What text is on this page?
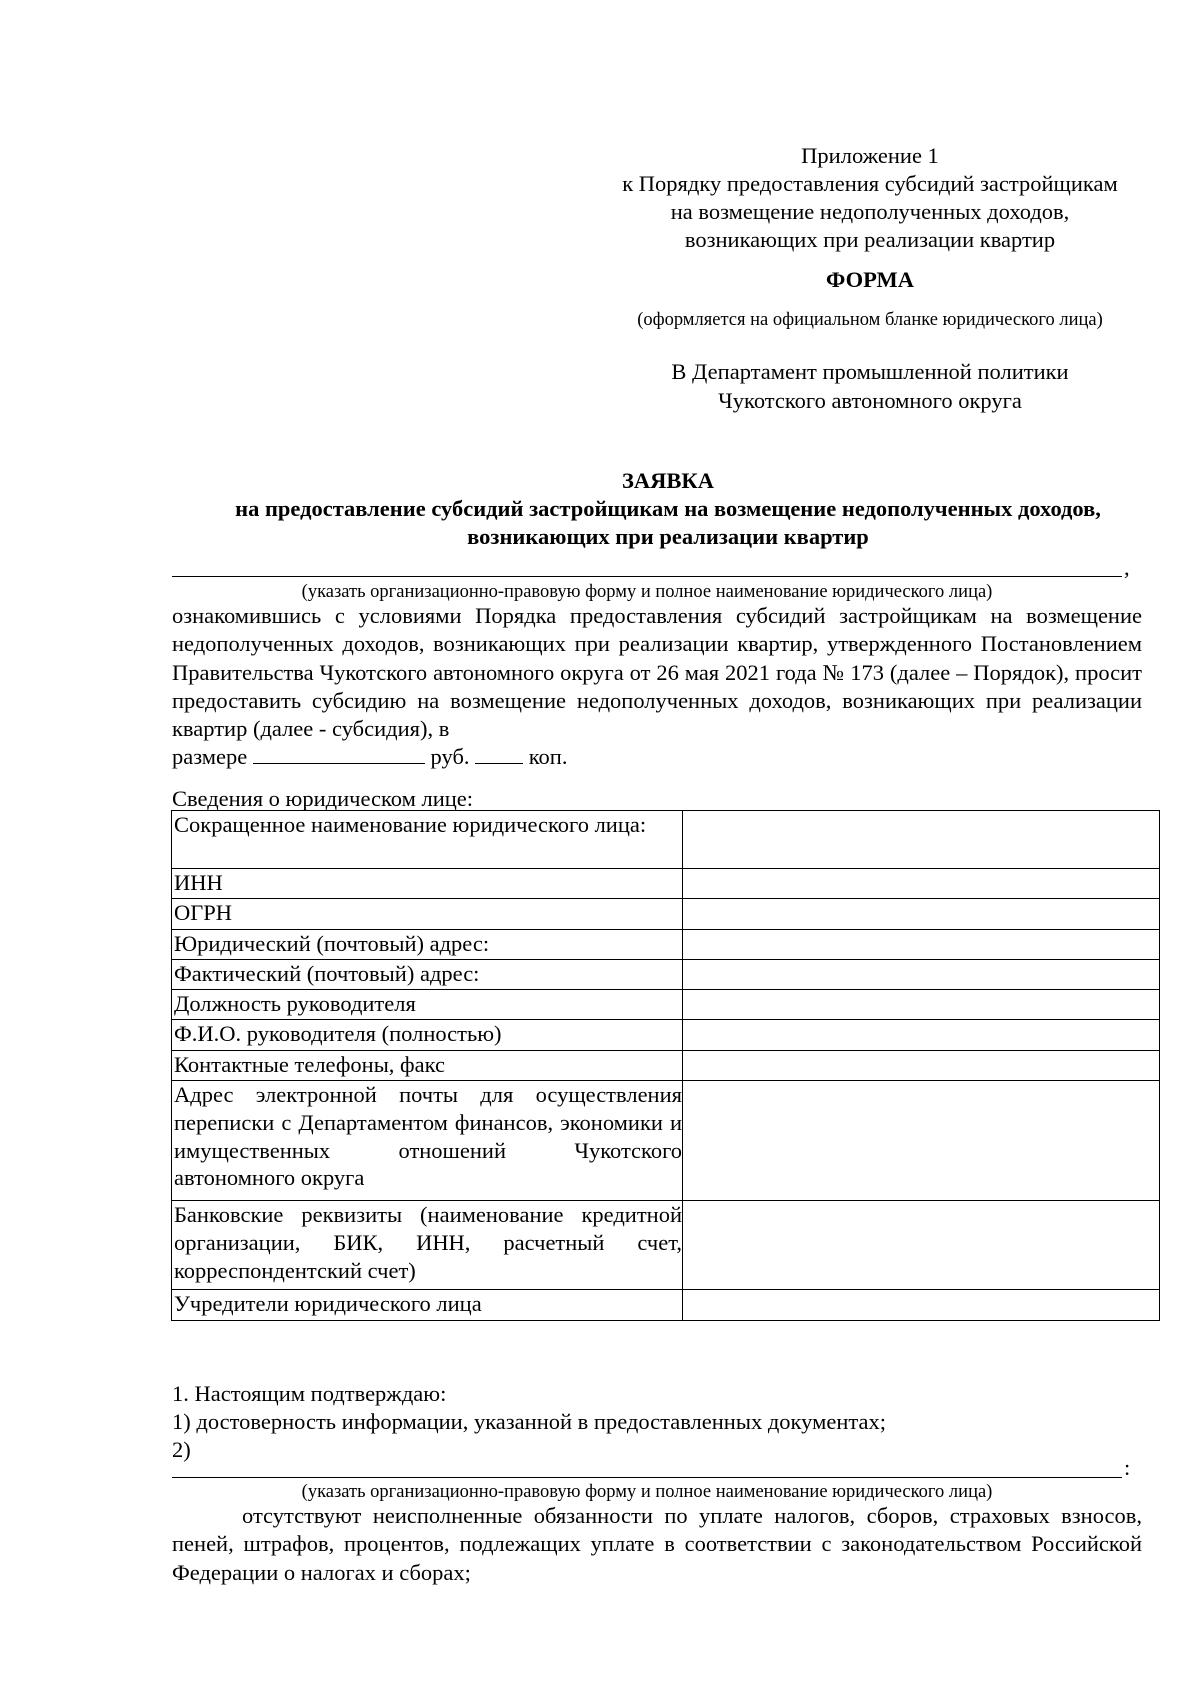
Приложение 1
к Порядку предоставления субсидий застройщикам
на возмещение недополученных доходов,
возникающих при реализации квартир
ФОРМА
(оформляется на официальном бланке юридического лица)
В Департамент промышленной политики
Чукотского автономного округа
ЗАЯВКА
на предоставление субсидий застройщикам на возмещение недополученных доходов,
возникающих при реализации квартир
,
(указать организационно-правовую форму и полное наименование юридического лица)
ознакомившись с условиями Порядка предоставления субсидий застройщикам на возмещение недополученных доходов, возникающих при реализации квартир, утвержденного Постановлением Правительства Чукотского автономного округа от 26 мая 2021 года № 173 (далее – Порядок), просит предоставить субсидию на возмещение недополученных доходов, возникающих при реализации квартир (далее - субсидия), в
размере	руб.	коп.
Сведения о юридическом лице:
Сокращенное наименование юридического лица:	
ИНН	
ОГРН	
Юридический (почтовый) адрес:	
Фактический (почтовый) адрес:	
Должность руководителя	
Ф.И.О. руководителя (полностью)	
Контактные телефоны, факс	
Адрес электронной почты для осуществления переписки с Департаментом финансов, экономики и имущественных отношений Чукотского автономного округа	
Банковские реквизиты (наименование кредитной организации, БИК, ИНН, расчетный счет, корреспондентский счет)	
Учредители юридического лица	
1. Настоящим подтверждаю:
1) достоверность информации, указанной в предоставленных документах;
2)
:
(указать организационно-правовую форму и полное наименование юридического лица)
отсутствуют неисполненные обязанности по уплате налогов, сборов, страховых взносов, пеней, штрафов, процентов, подлежащих уплате в соответствии с законодательством Российской Федерации о налогах и сборах;
